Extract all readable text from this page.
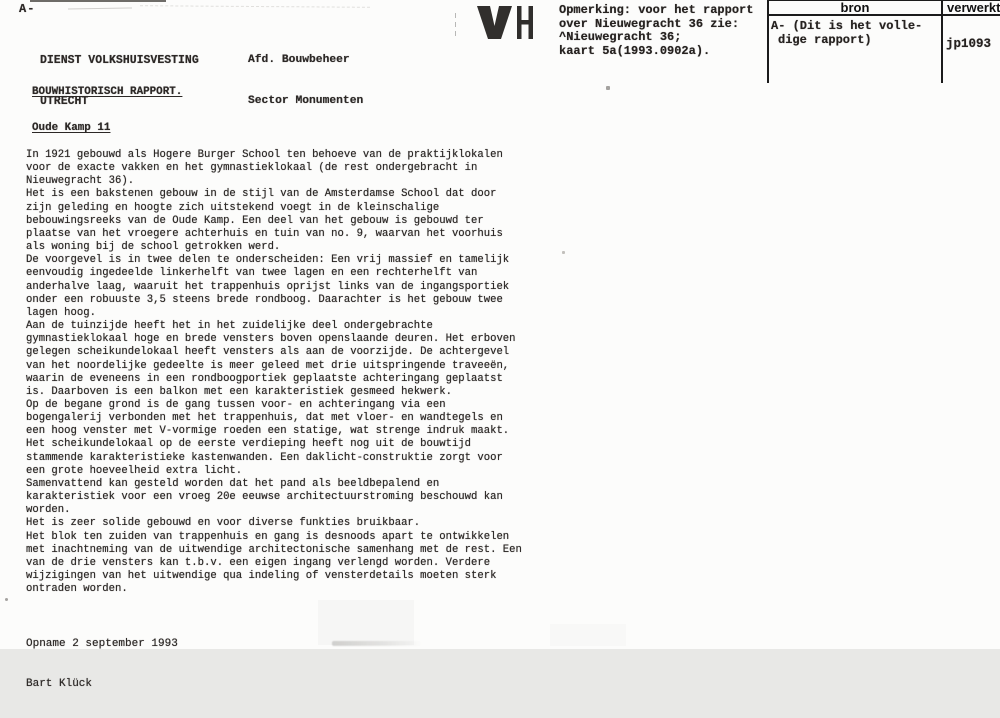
A-

DIENST VOLKSHUISVESTING

UTRECHT

Afd. Bouwbeheer

Sector Monumenten

Opmerking: voor het rapport
over Nieuwegracht 36 zie:
^Nieuwegracht 36;
kaart 5a(1993.0902a).
bron	verwerkt
A- (Dit is het volle-
dige rapport)	jp1093
BOUWHISTORISCH RAPPORT.
Oude Kamp 11
In 1921 gebouwd als Hogere Burger School ten behoeve van de praktijklokalen
voor de exacte vakken en het gymnastieklokaal (de rest ondergebracht in
Nieuwegracht 36).
Het is een bakstenen gebouw in de stijl van de Amsterdamse School dat door
zijn geleding en hoogte zich uitstekend voegt in de kleinschalige
bebouwingsreeks van de Oude Kamp. Een deel van het gebouw is gebouwd ter
plaatse van het vroegere achterhuis en tuin van no. 9, waarvan het voorhuis
als woning bij de school getrokken werd.
De voorgevel is in twee delen te onderscheiden: Een vrij massief en tamelijk
eenvoudig ingedeelde linkerhelft van twee lagen en een rechterhelft van
anderhalve laag, waaruit het trappenhuis oprijst links van de ingangsportiek
onder een robuuste 3,5 steens brede rondboog. Daarachter is het gebouw twee
lagen hoog.
Aan de tuinzijde heeft het in het zuidelijke deel ondergebrachte
gymnastieklokaal hoge en brede vensters boven openslaande deuren. Het erboven
gelegen scheikundelokaal heeft vensters als aan de voorzijde. De achtergevel
van het noordelijke gedeelte is meer geleed met drie uitspringende traveeën,
waarin de eveneens in een rondboogportiek geplaatste achteringang geplaatst
is. Daarboven is een balkon met een karakteristiek gesmeed hekwerk.
Op de begane grond is de gang tussen voor- en achteringang via een
bogengalerij verbonden met het trappenhuis, dat met vloer- en wandtegels en
een hoog venster met V-vormige roeden een statige, wat strenge indruk maakt.
Het scheikundelokaal op de eerste verdieping heeft nog uit de bouwtijd
stammende karakteristieke kastenwanden. Een daklicht-construktie zorgt voor
een grote hoeveelheid extra licht.
Samenvattend kan gesteld worden dat het pand als beeldbepalend en
karakteristiek voor een vroeg 20e eeuwse architectuurstroming beschouwd kan
worden.
Het is zeer solide gebouwd en voor diverse funkties bruikbaar.
Het blok ten zuiden van trappenhuis en gang is desnoods apart te ontwikkelen
met inachtneming van de uitwendige architectonische samenhang met de rest. Een
van de drie vensters kan t.b.v. een eigen ingang verlengd worden. Verdere
wijzigingen van het uitwendige qua indeling of vensterdetails moeten sterk
ontraden worden.

Opname 2 september 1993

Bart Klück
